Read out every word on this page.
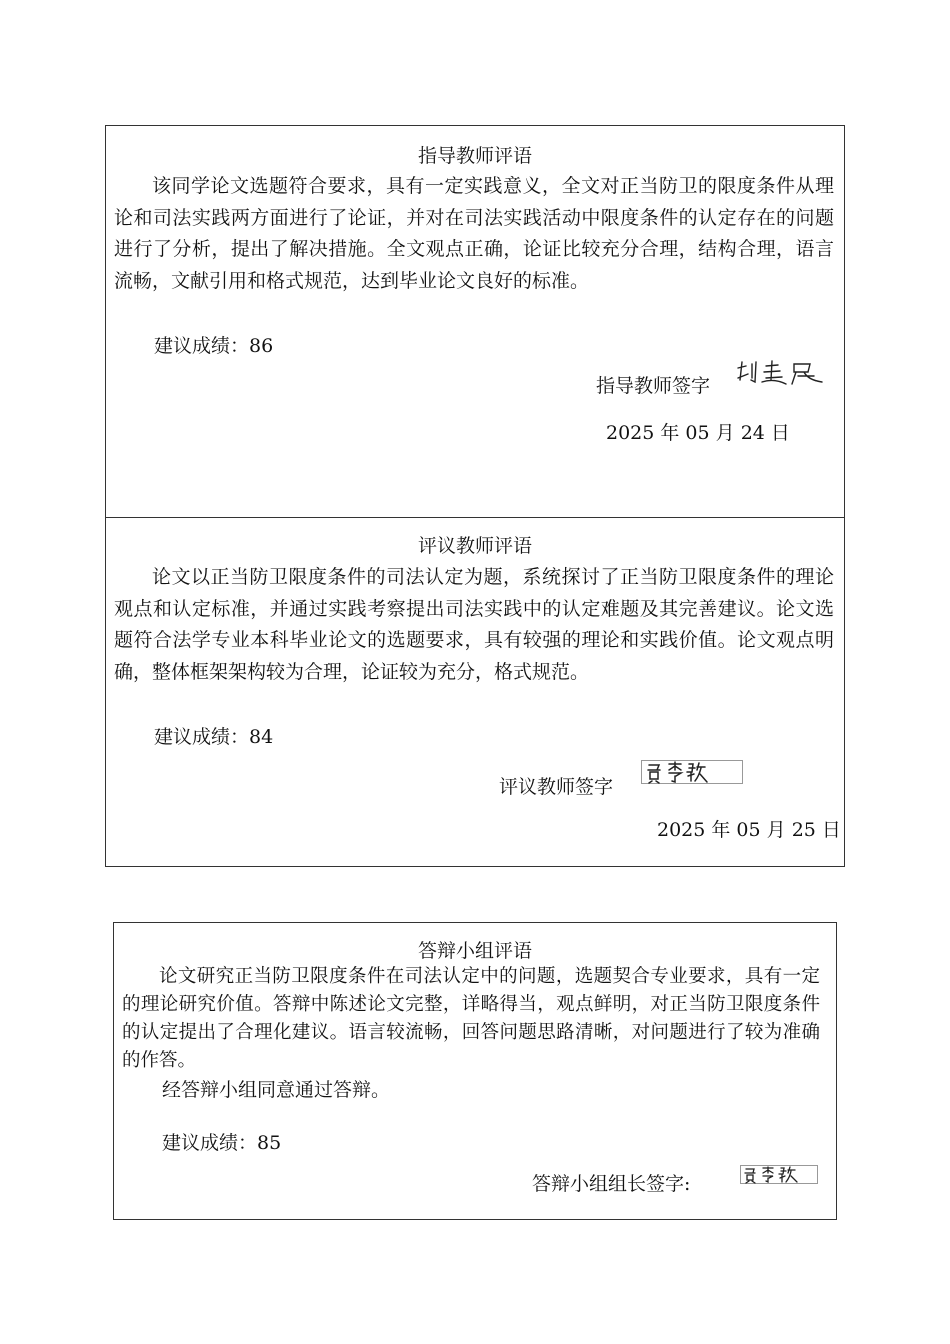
指导教师评语
该同学论文选题符合要求，具有一定实践意义，全文对正当防卫的限度条件从理论和司法实践两方面进行了论证，并对在司法实践活动中限度条件的认定存在的问题进行了分析，提出了解决措施。全文观点正确，论证比较充分合理，结构合理，语言流畅，文献引用和格式规范，达到毕业论文良好的标准。
建议成绩：86
指导教师签字
2025 年 05 月 24 日
评议教师评语
论文以正当防卫限度条件的司法认定为题，系统探讨了正当防卫限度条件的理论观点和认定标准，并通过实践考察提出司法实践中的认定难题及其完善建议。论文选题符合法学专业本科毕业论文的选题要求，具有较强的理论和实践价值。论文观点明确，整体框架架构较为合理，论证较为充分，格式规范。
建议成绩：84
评议教师签字
2025 年 05 月 25 日
答辩小组评语
论文研究正当防卫限度条件在司法认定中的问题，选题契合专业要求，具有一定的理论研究价值。答辩中陈述论文完整，详略得当，观点鲜明，对正当防卫限度条件的认定提出了合理化建议。语言较流畅，回答问题思路清晰，对问题进行了较为准确的作答。
经答辩小组同意通过答辩。
建议成绩：85
答辩小组组长签字:
